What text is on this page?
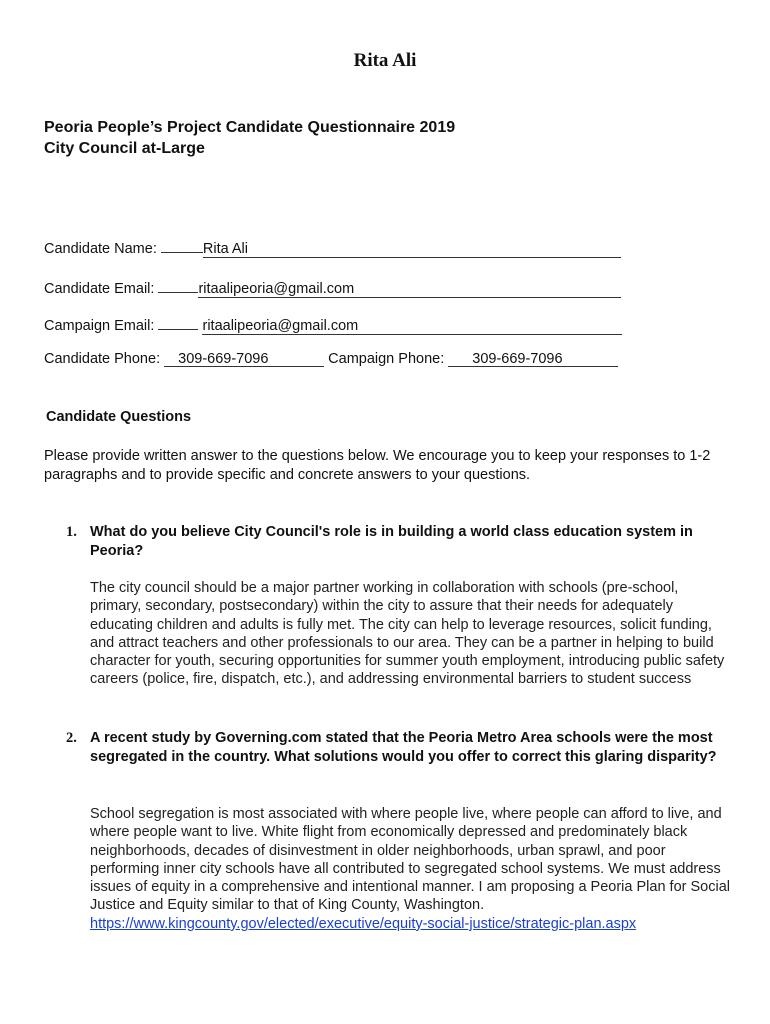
Rita Ali
Peoria People’s Project Candidate Questionnaire 2019
City Council at-Large
Candidate Name:	Rita Ali
Candidate Email:	ritaalipeoria@gmail.com
Campaign Email:	ritaalipeoria@gmail.com
Candidate Phone: 309-669-7096	Campaign Phone: 309-669-7096
Candidate Questions
Please provide written answer to the questions below. We encourage you to keep your responses to 1-2 paragraphs and to provide specific and concrete answers to your questions.
1. What do you believe City Council's role is in building a world class education system in Peoria?
The city council should be a major partner working in collaboration with schools (pre-school, primary, secondary, postsecondary) within the city to assure that their needs for adequately educating children and adults is fully met. The city can help to leverage resources, solicit funding, and attract teachers and other professionals to our area. They can be a partner in helping to build character for youth, securing opportunities for summer youth employment, introducing public safety careers (police, fire, dispatch, etc.), and addressing environmental barriers to student success
2. A recent study by Governing.com stated that the Peoria Metro Area schools were the most segregated in the country. What solutions would you offer to correct this glaring disparity?
School segregation is most associated with where people live, where people can afford to live, and where people want to live. White flight from economically depressed and predominately black neighborhoods, decades of disinvestment in older neighborhoods, urban sprawl, and poor performing inner city schools have all contributed to segregated school systems. We must address issues of equity in a comprehensive and intentional manner. I am proposing a Peoria Plan for Social Justice and Equity similar to that of King County, Washington. https://www.kingcounty.gov/elected/executive/equity-social-justice/strategic-plan.aspx
